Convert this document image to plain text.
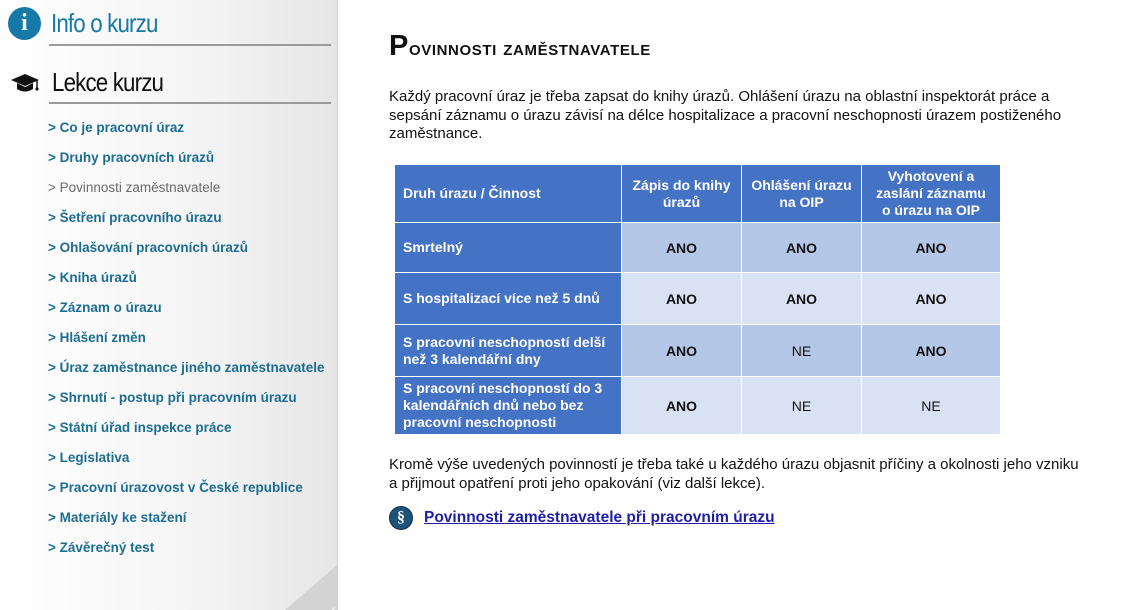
i Info o kurzu
Lekce kurzu
> Co je pracovní úraz
> Druhy pracovních úrazů
> Povinnosti zaměstnavatele
> Šetření pracovního úrazu
> Ohlašování pracovních úrazů
> Kniha úrazů
> Záznam o úrazu
> Hlášení změn
> Úraz zaměstnance jiného zaměstnavatele
> Shrnutí - postup při pracovním úrazu
> Státní úřad inspekce práce
> Legislativa
> Pracovní úrazovost v České republice
> Materiály ke stažení
> Závěrečný test
Povinnosti zaměstnavatele

Každý pracovní úraz je třeba zapsat do knihy úrazů. Ohlášení úrazu na oblastní inspektorát práce a sepsání záznamu o úrazu závisí na délce hospitalizace a pracovní neschopnosti úrazem postiženého zaměstnance.

Druh úrazu / Činnost	Zápis do knihy úrazů	Ohlášení úrazu na OIP	Vyhotovení a zaslání záznamu o úrazu na OIP
Smrtelný	ANO	ANO	ANO
S hospitalizací více než 5 dnů	ANO	ANO	ANO
S pracovní neschopností delší než 3 kalendářní dny	ANO	NE	ANO
S pracovní neschopností do 3 kalendářních dnů nebo bez pracovní neschopnosti	ANO	NE	NE

Kromě výše uvedených povinností je třeba také u každého úrazu objasnit příčiny a okolnosti jeho vzniku a přijmout opatření proti jeho opakování (viz další lekce).

§	Povinnosti zaměstnavatele při pracovním úrazu
